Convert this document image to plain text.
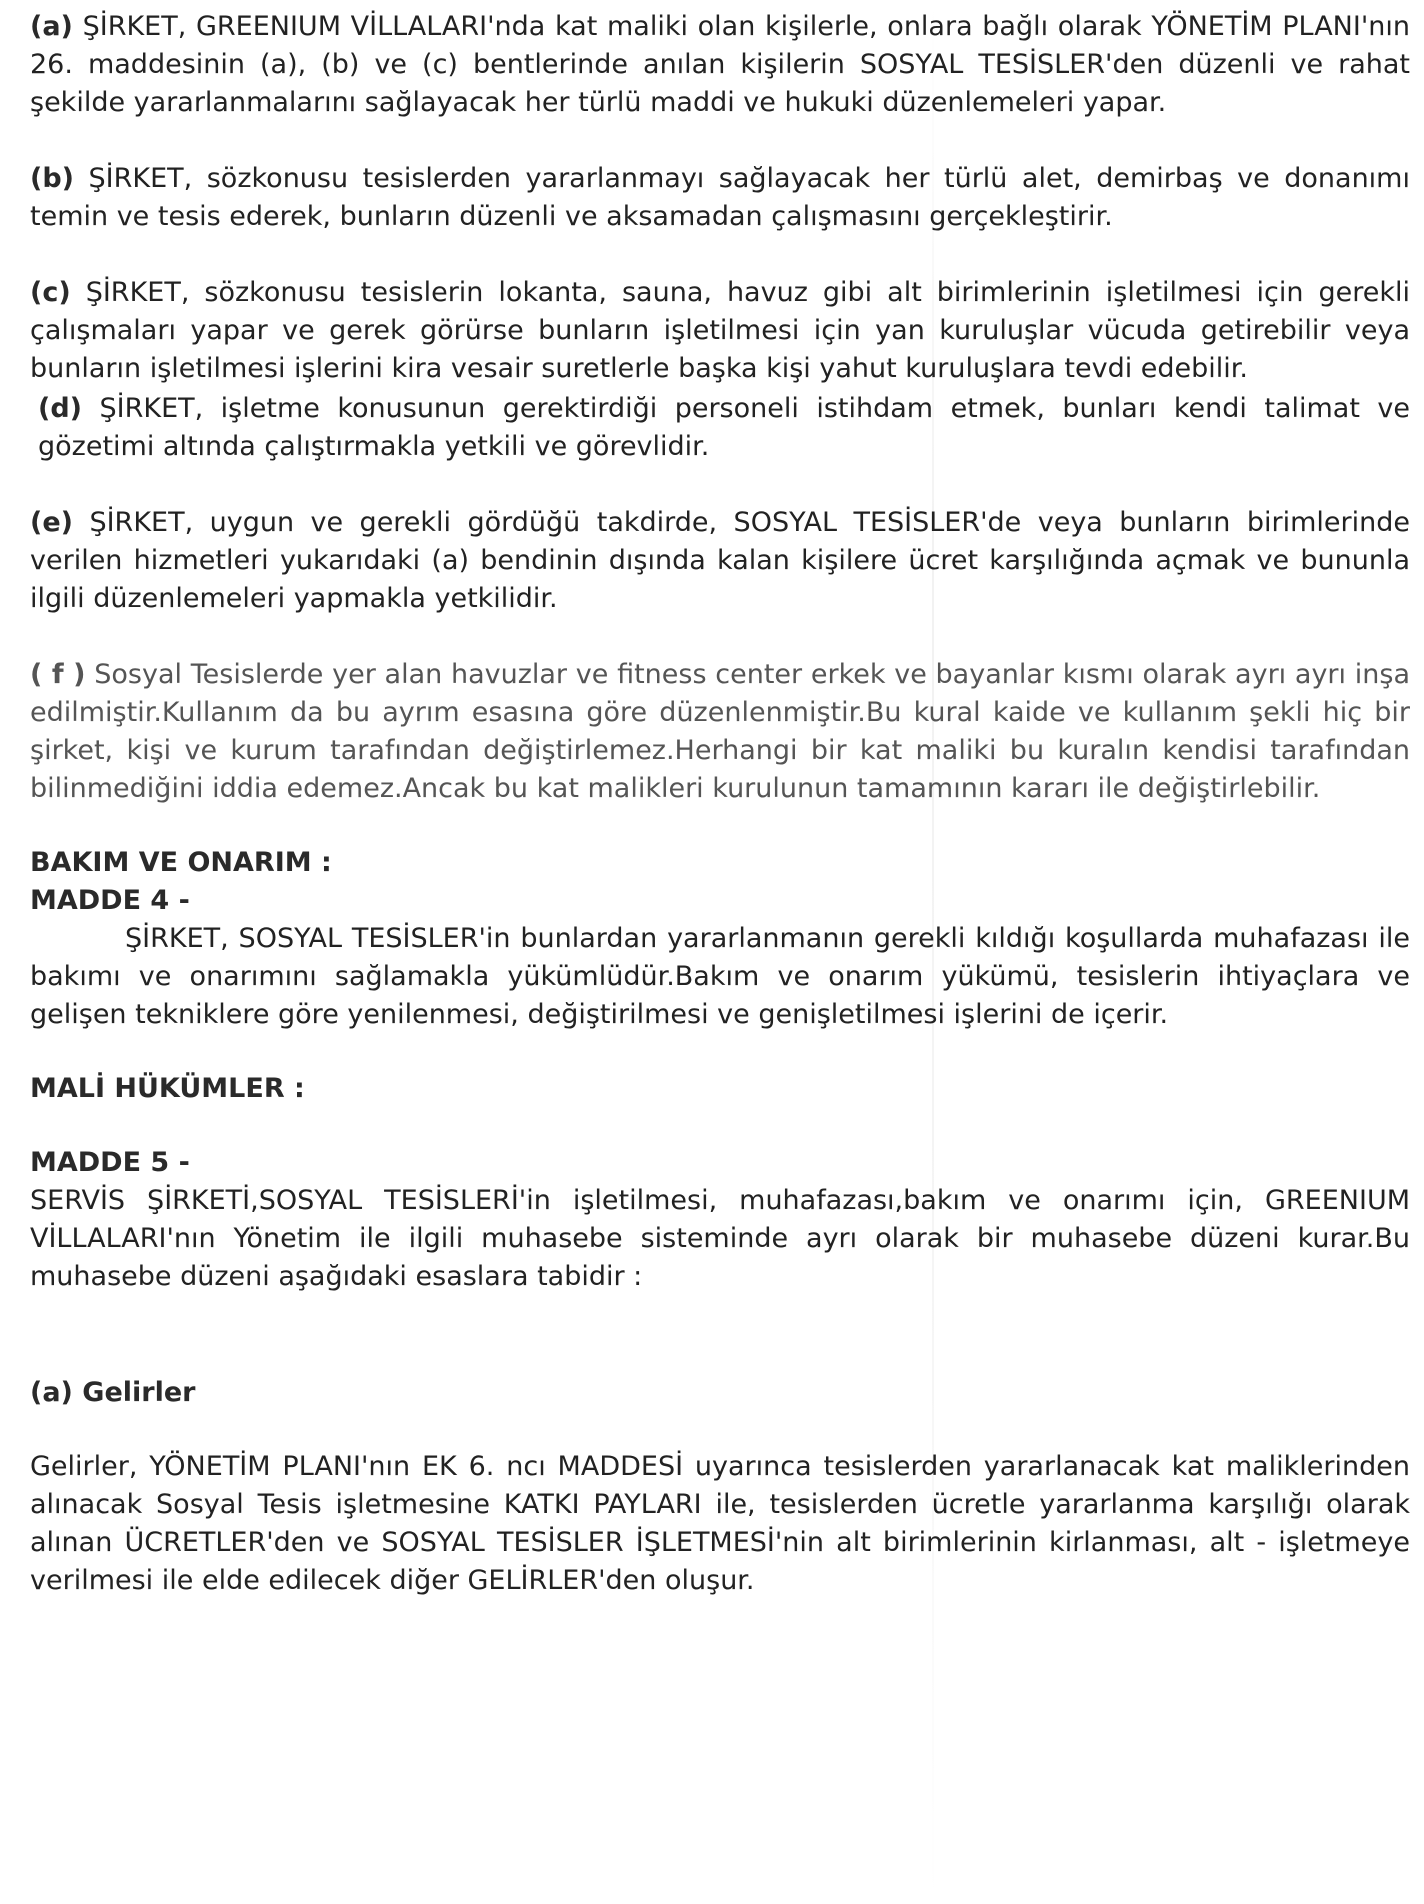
(a) ŞİRKET, GREENIUM VİLLALARI'nda kat maliki olan kişilerle, onlara bağlı olarak YÖNETİM PLANI'nın 26. maddesinin (a), (b) ve (c) bentlerinde anılan kişilerin SOSYAL TESİSLER'den düzenli ve rahat şekilde yararlanmalarını sağlayacak her türlü maddi ve hukuki düzenlemeleri yapar.

(b) ŞİRKET, sözkonusu tesislerden yararlanmayı sağlayacak her türlü alet, demirbaş ve donanımı temin ve tesis ederek, bunların düzenli ve aksamadan çalışmasını gerçekleştirir.

(c) ŞİRKET, sözkonusu tesislerin lokanta, sauna, havuz gibi alt birimlerinin işletilmesi için gerekli çalışmaları yapar ve gerek görürse bunların işletilmesi için yan kuruluşlar vücuda getirebilir veya bunların işletilmesi işlerini kira vesair suretlerle başka kişi yahut kuruluşlara tevdi edebilir.

(d) ŞİRKET, işletme konusunun gerektirdiği personeli istihdam etmek, bunları kendi talimat ve gözetimi altında çalıştırmakla yetkili ve görevlidir.

(e) ŞİRKET, uygun ve gerekli gördüğü takdirde, SOSYAL TESİSLER'de veya bunların birimlerinde verilen hizmetleri yukarıdaki (a) bendinin dışında kalan kişilere ücret karşılığında açmak ve bununla ilgili düzenlemeleri yapmakla yetkilidir.

( f ) Sosyal Tesislerde yer alan havuzlar ve fitness center erkek ve bayanlar kısmı olarak ayrı ayrı inşa edilmiştir.Kullanım da bu ayrım esasına göre düzenlenmiştir.Bu kural kaide ve kullanım şekli hiç bir şirket, kişi ve kurum tarafından değiştirlemez.Herhangi bir kat maliki bu kuralın kendisi tarafından bilinmediğini iddia edemez.Ancak bu kat malikleri kurulunun tamamının kararı ile değiştirlebilir.

BAKIM VE ONARIM :

MADDE 4 -

ŞİRKET, SOSYAL TESİSLER'in bunlardan yararlanmanın gerekli kıldığı koşullarda muhafazası ile bakımı ve onarımını sağlamakla yükümlüdür.Bakım ve onarım yükümü, tesislerin ihtiyaçlara ve gelişen tekniklere göre yenilenmesi, değiştirilmesi ve genişletilmesi işlerini de içerir.

MALİ HÜKÜMLER :

MADDE 5 -

SERVİS ŞİRKETİ,SOSYAL TESİSLERİ'in işletilmesi, muhafazası,bakım ve onarımı için, GREENIUM VİLLALARI'nın Yönetim ile ilgili muhasebe sisteminde ayrı olarak bir muhasebe düzeni kurar.Bu muhasebe düzeni aşağıdaki esaslara tabidir :

(a) Gelirler

Gelirler, YÖNETİM PLANI'nın EK 6. ncı MADDESİ uyarınca tesislerden yararlanacak kat maliklerinden alınacak Sosyal Tesis işletmesine KATKI PAYLARI ile, tesislerden ücretle yararlanma karşılığı olarak alınan ÜCRETLER'den ve SOSYAL TESİSLER İŞLETMESİ'nin alt birimlerinin kirlanması, alt - işletmeye verilmesi ile elde edilecek diğer GELİRLER'den oluşur.
